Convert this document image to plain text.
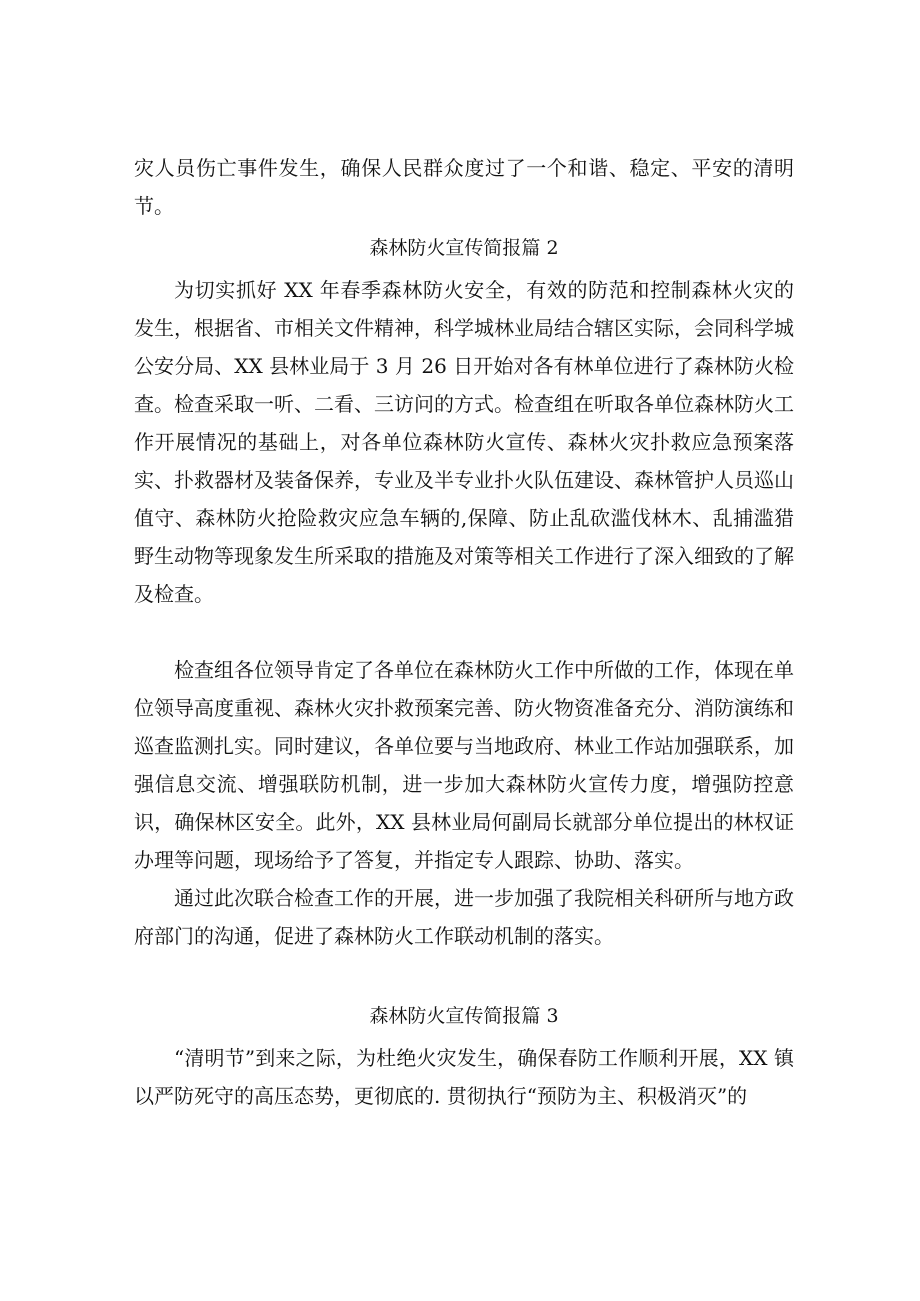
灾人员伤亡事件发生，确保人民群众度过了一个和谐、稳定、平安的清明节。

森林防火宣传简报篇 2

为切实抓好 XX 年春季森林防火安全，有效的防范和控制森林火灾的发生，根据省、市相关文件精神，科学城林业局结合辖区实际，会同科学城公安分局、XX 县林业局于 3 月 26 日开始对各有林单位进行了森林防火检查。 检查采取一听、二看、三访问的方式。检查组在听取各单位森林防火工作开展情况的基础上，对各单位森林防火宣传、森林火灾扑救应急预案落实、扑救器材及装备保养，专业及半专业扑火队伍建设、森林管护人员巡山值守、森林防火抢险救灾应急车辆的,保障、防止乱砍滥伐林木、乱捕滥猎野生动物等现象发生所采取的措施及对策等相关工作进行了深入细致的了解及检查。

检查组各位领导肯定了各单位在森林防火工作中所做的工作，体现在单位领导高度重视、森林火灾扑救预案完善、防火物资准备充分、消防演练和巡查监测扎实。同时建议，各单位要与当地政府、林业工作站加强联系，加强信息交流、增强联防机制，进一步加大森林防火宣传力度，增强防控意识，确保林区安全。此外，XX 县林业局何副局长就部分单位提出的林权证办理等问题，现场给予了答复，并指定专人跟踪、协助、落实。

通过此次联合检查工作的开展，进一步加强了我院相关科研所与地方政府部门的沟通，促进了森林防火工作联动机制的落实。

森林防火宣传简报篇 3

“清明节”到来之际，为杜绝火灾发生，确保春防工作顺利开展，XX 镇以严防死守的高压态势，更彻底的. 贯彻执行“预防为主、积极消灭”的
